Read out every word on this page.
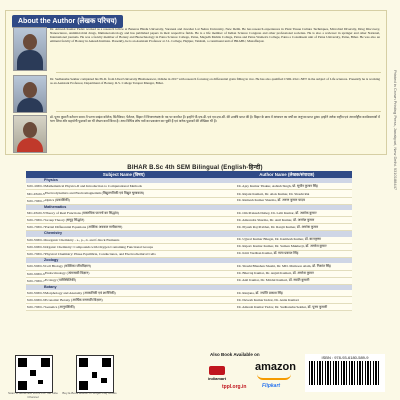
About the Author (लेखक परिचय)
Dr. Amresh Kumar Yadav worked as a research fellow at Banaras Hindu University, Varanasi and Jawahar Lal Nehru University, New Delhi. He has research experiences in Plant Tissue Culture Techniques, Microbial Diversity, Drug Discovery, Nanoscience, Antimicrobial drugs, Immunotoxicology and has published papers in their respective fields. He is a life member of Indian Science Congress and other professional societies. He is also a reviewer in springer and other National, International journals. He was a faculty member of Botany and Biotechnology in Patna Science College, Patna, Magadh Mahila College, Patna and Patna Women's College, Patna a Constituent unit of Patna University, Patna, Bihar. He was also an eminent faculty of Botany in Aakash Institute. Presently, he is an Assistant Professor at J.L. College, Hajipur, Vaishali, a constituent unit of BRABU, Muzaffarpur.
Dr. Sudhanshu Sekhar completed his Ph.D. from Utkal University Bhubaneswar, Odisha in 2017 with research focusing on differential grain filling in rice. He has also qualified CSIR-UGC-NET in the subject of Life sciences. Presently he is working as an Assistant Professor, Department of Botany, R.S. College Tarapur Munger, Bihar.
डॉ. पूनम कुमारी वर्तमान समय में पटना साइंस कॉलेज, सिटीकेयर, पैलेटल, बिहार में विभागाध्यक्ष के पद पर कार्यरत हैं। इन्होंने पी-एच.डी. एवं एम.एस-सी. की उपाधि प्राप्त की है। बिहार के छात्र में अध्ययन का वर्षों का अनुभव प्राप्त हुआ। इन्होंने अनेक राष्ट्रीय एवं अन्तर्राष्ट्रीय कार्यशालाओं में भाग लिया और सहयोगी पुस्तकों का भी लेखन कार्य किया है। आप विभिन्न शोध पत्रों का प्रकाशन कर चुकी हैं एवं अनेक पुस्तकों की लेखिका भी हैं।	Printed in Crown Printing Press, Janakpuri, New Delhi. 9310188447
BIHAR B.Sc 4th SEM Bilingual (English-हिन्दी)
Subject Name (विषय)	Author Name (लेखक/संपादक)
Physics
MJC-4/MIC-3 Mathematical Physics-II and Introduction to Computational Methods	Dr. Ajay Kumar Thakur, Ashish Singh, प्रो. सुधीर कुमार सिंह
MIC-4/MJC-5 Electrodynamics and Electromagnetism (विद्युतगतिकी एवं विद्युत चुम्बकत्व)	Dr. Rajani Kumari, Dr. Alok Kumar, Dr. Shashi Rai
MJC-7/MIC-7 Optics (प्रकाशिकी)	Dr. Ramesh Kumar Sharma, डॉ. अरुण कुमार यादव
Mathematics
MIC-4/MJC-5 Theory of Real Functions (वास्तविक फलनों का सिद्धांत)	Dr. Om Prakash Dubey, Dr. Lalit Kumar, डॉ. अशोक कुमार
MJC-7/MIC-7 Group Theory (समूह सिद्धांत)	Dr. Amrendra Sharma, Dr. Anil Kumar, डॉ. अमरेश कुमार
MJC-7/MIC-7 Partial Differential Equations (आंशिक अवकल समीकरण)	Dr. Piyush Raj Prabhat, Dr. Ranjit Kumar, डॉ. अमरेश कुमार
Chemistry
MJC-5/MIC-4 Inorganic Chemistry - s-, p-, d- and f-block Elements	Dr. Ujjwal Kumar Bhagat, Dr. Kamlesh Kumar, डॉ. बालकृष्ण
MJC-6/MIC-6 Organic Chemistry: Compounds with Oxygen Containing Functional Groups	Dr. Rajeev Kumar Kumar, Dr. Suman Mukherji, डॉ. अमरेश कुमार
MJC-7/MIC-7 Physical Chemistry: Phase Equilibria, Conductance, and Electrochemical Cells	Dr. Kirti Vardhan Kumar, डॉ. सत्य प्रकाश सिंह
Zoology
MJC-5/MIC-5 Cell Biology (कोशिका जीवविज्ञान)	Dr. Shashi Bhushan Shashi, Dr. MD. Mamoon Alam, डॉ. निशांत सिंह
MJC-6/MIC-6 Endocrinology (अंतःस्रावी विज्ञान)	Dr. Bhavraj Kumar, Dr. Anjali Kumari, डॉ. अमरेश कुमार
MJC-7/MIC-7 Ecology (पारिस्थितिकी)	Dr. Anil Kumar, Dr. Mridul Kumari, डॉ. स्वाति कुमारी
Botany
MJC-5/MIC-5 Morphology and Anatomy (आकारिकी एवं शारीरिकी)	Dr. Ranjana, डॉ. ज्योति प्रकाश सिंह
MJC-6/MIC-6 Economic Botany (आर्थिक वनस्पति विज्ञान)	Dr. Devesh Kumar Indrat, Dr. Anita Kumari
MJC-7/MIC-7 Genetics (आनुवंशिकी)	Dr. Amresh Kumar Yadav, Dr. Sudhanshu Sekhar, डॉ. पूनम कुमारी
Scan & Subscribe BSI & PH YouTube Channel
Buy E-Book Edition of Single Play Books
Also Book Available on
indiamart
amazon
tppl.org.in	Flipkart
ISBN : 978-93-6180-589-9
